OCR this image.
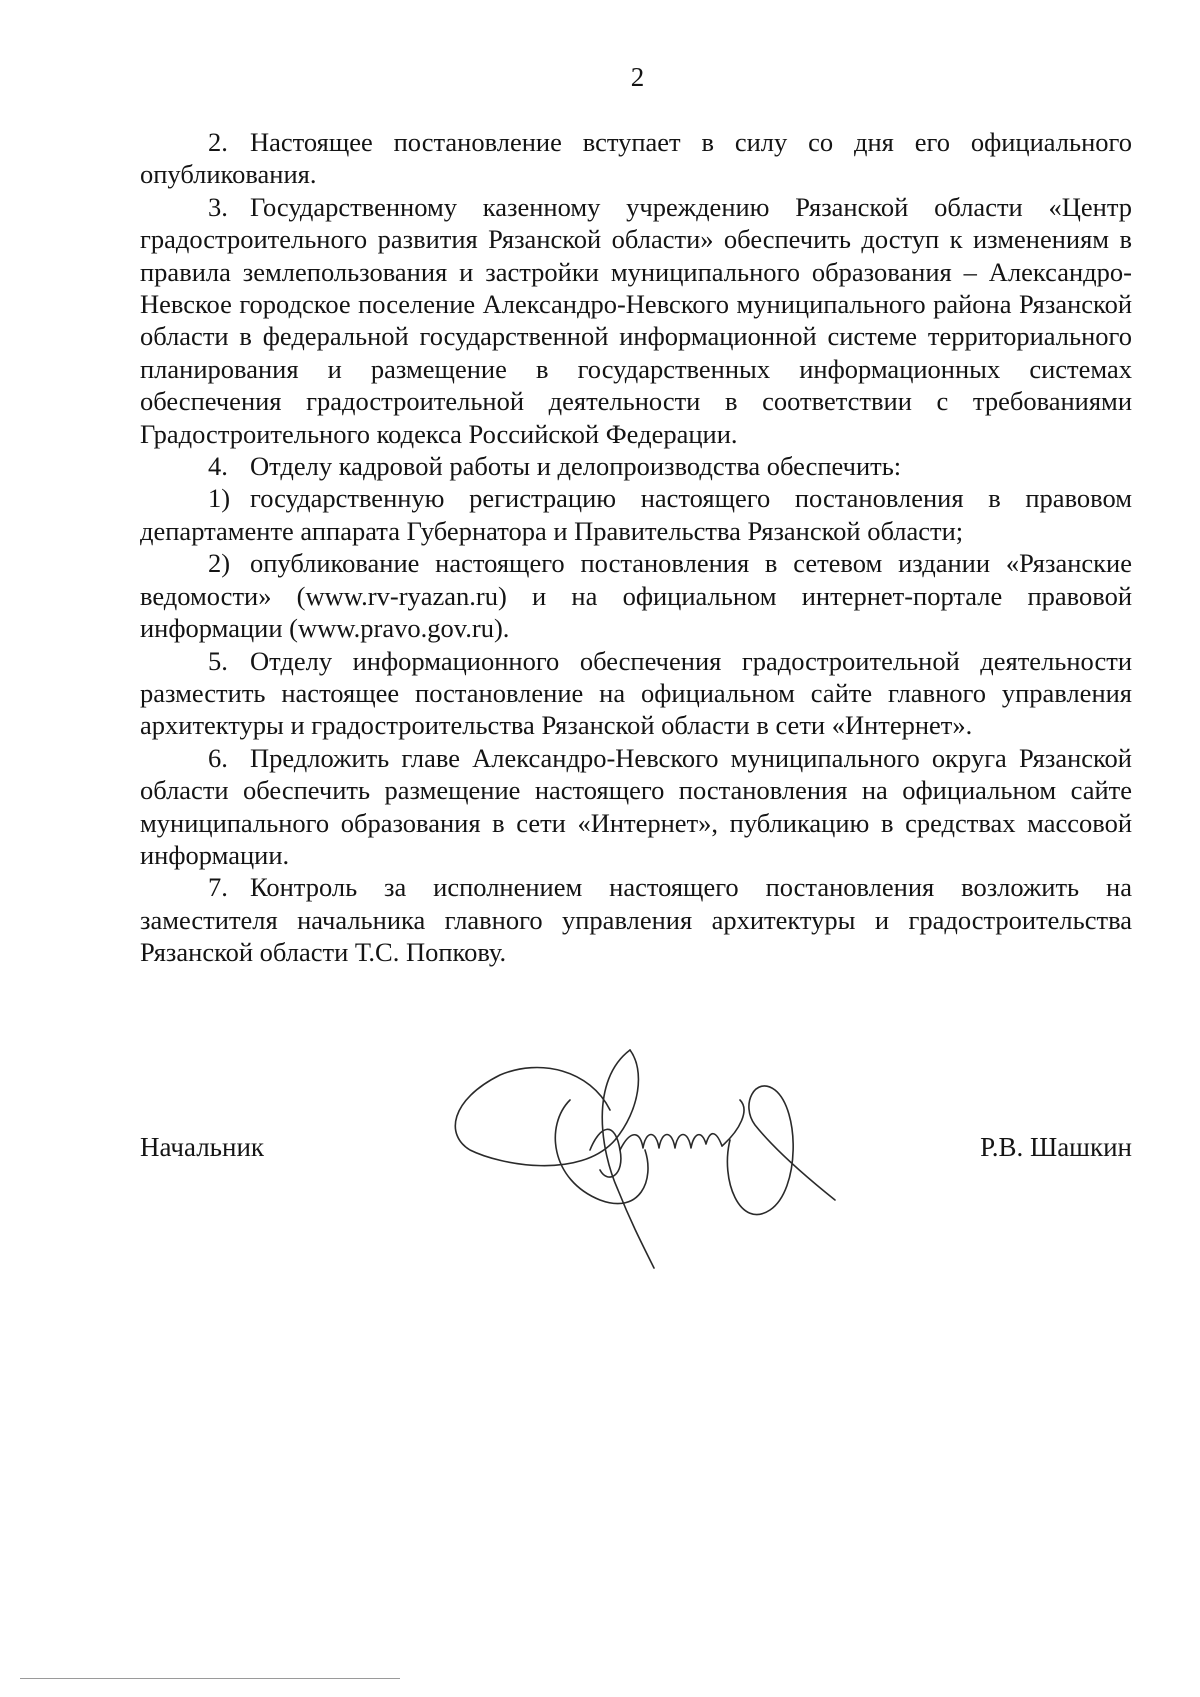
2

2. Настоящее постановление вступает в силу со дня его официального опубликования.

3. Государственному казенному учреждению Рязанской области «Центр градостроительного развития Рязанской области» обеспечить доступ к изменениям в правила землепользования и застройки муниципального образования – Александро-Невское городское поселение Александро-Невского муниципального района Рязанской области в федеральной государственной информационной системе территориального планирования и размещение в государственных информационных системах обеспечения градостроительной деятельности в соответствии с требованиями Градостроительного кодекса Российской Федерации.

4. Отделу кадровой работы и делопроизводства обеспечить:

1) государственную регистрацию настоящего постановления в правовом департаменте аппарата Губернатора и Правительства Рязанской области;

2) опубликование настоящего постановления в сетевом издании «Рязанские ведомости» (www.rv-ryazan.ru) и на официальном интернет-портале правовой информации (www.pravo.gov.ru).

5. Отделу информационного обеспечения градостроительной деятельности разместить настоящее постановление на официальном сайте главного управления архитектуры и градостроительства Рязанской области в сети «Интернет».

6. Предложить главе Александро-Невского муниципального округа Рязанской области обеспечить размещение настоящего постановления на официальном сайте муниципального образования в сети «Интернет», публикацию в средствах массовой информации.

7. Контроль за исполнением настоящего постановления возложить на заместителя начальника главного управления архитектуры и градостроительства Рязанской области Т.С. Попкову.

Начальник	Р.В. Шашкин
